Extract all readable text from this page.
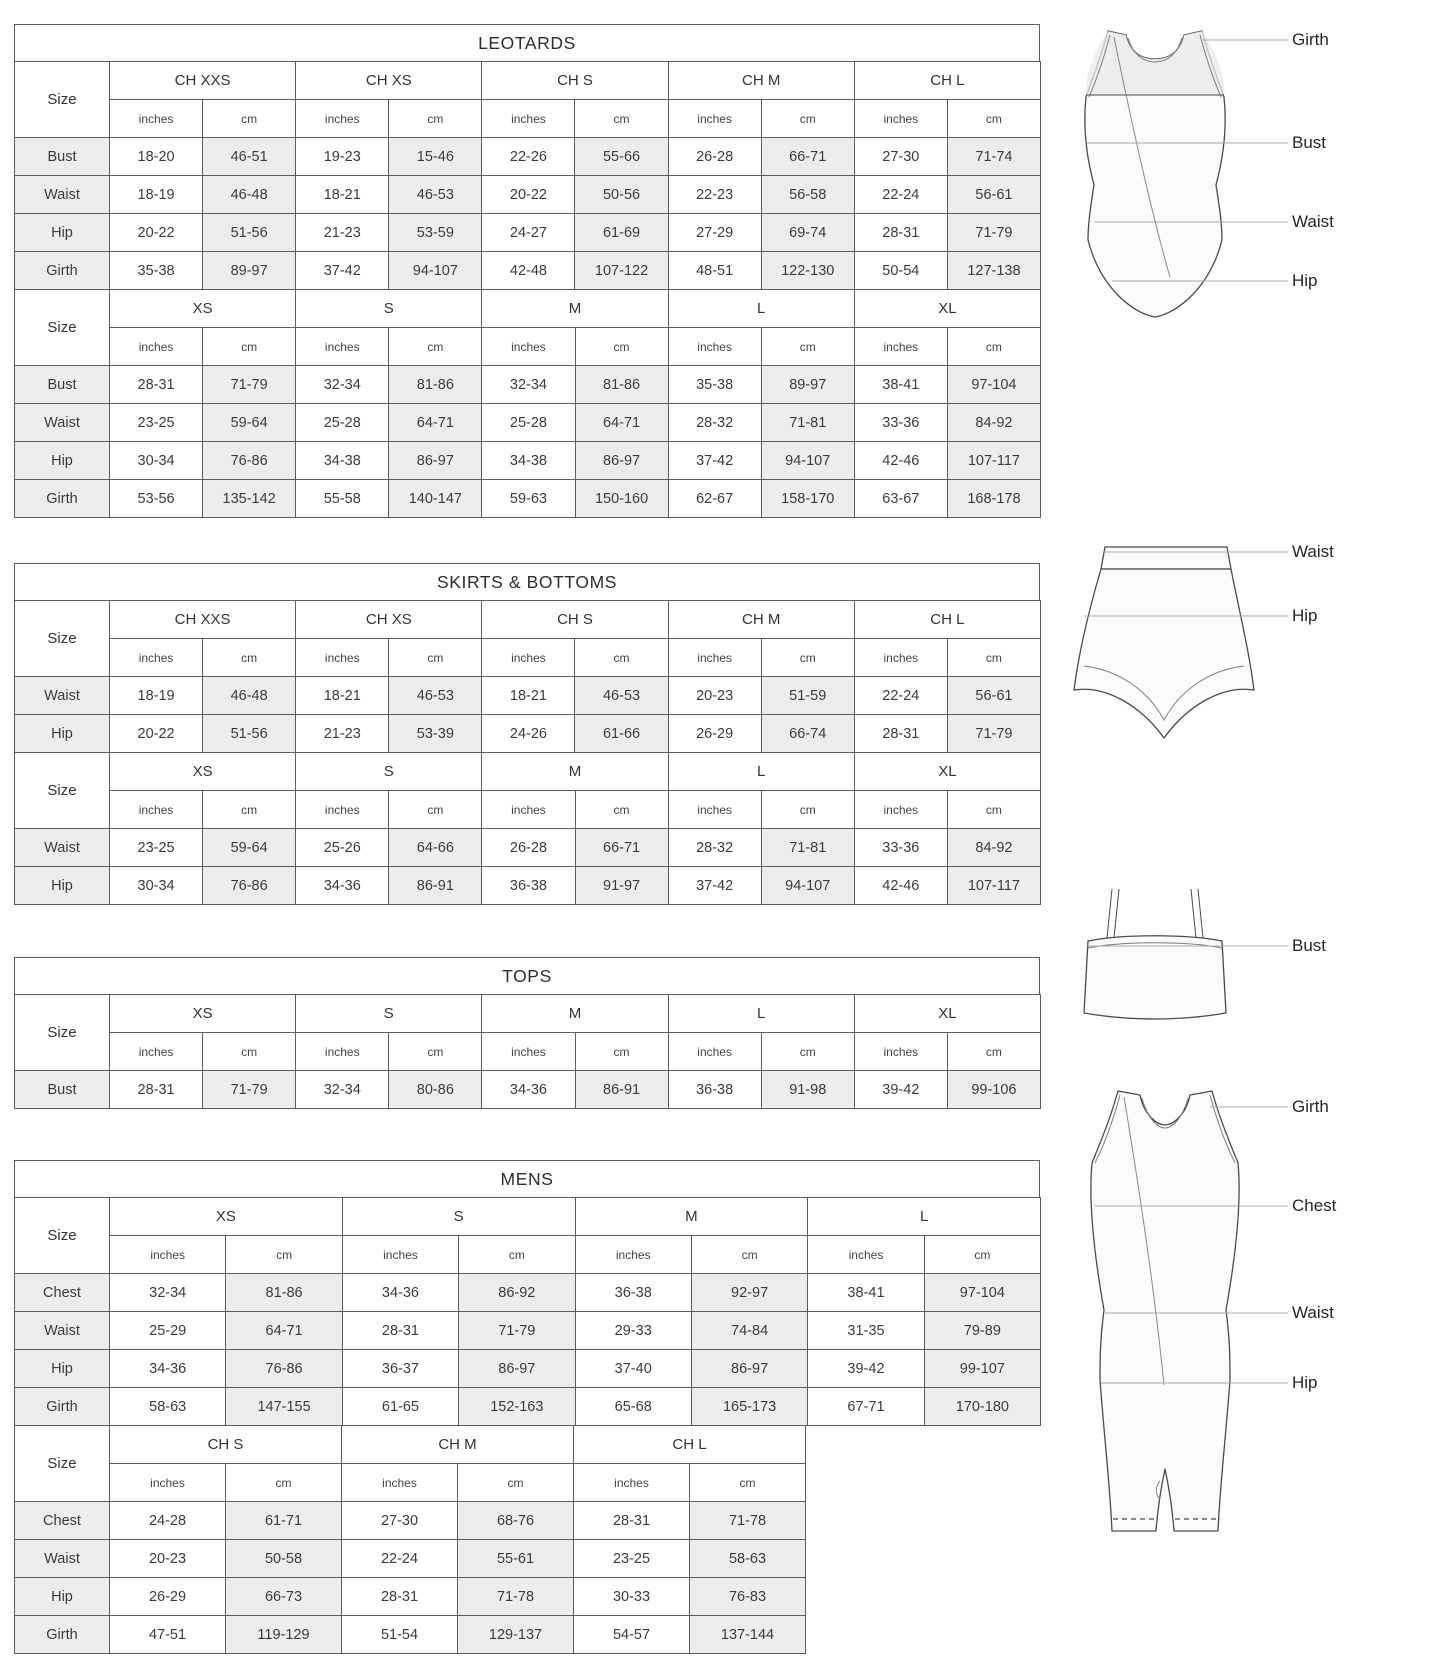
LEOTARDS
Size	CH XXS		CH XS		CH S		CH M		CH L	
	inches	cm	inches	cm	inches	cm	inches	cm	inches	cm
Bust	18-20	46-51	19-23	15-46	22-26	55-66	26-28	66-71	27-30	71-74
Waist	18-19	46-48	18-21	46-53	20-22	50-56	22-23	56-58	22-24	56-61
Hip	20-22	51-56	21-23	53-59	24-27	61-69	27-29	69-74	28-31	71-79
Girth	35-38	89-97	37-42	94-107	42-48	107-122	48-51	122-130	50-54	127-138
Size	XS		S		M		L		XL	
	inches	cm	inches	cm	inches	cm	inches	cm	inches	cm
Bust	28-31	71-79	32-34	81-86	32-34	81-86	35-38	89-97	38-41	97-104
Waist	23-25	59-64	25-28	64-71	25-28	64-71	28-32	71-81	33-36	84-92
Hip	30-34	76-86	34-38	86-97	34-38	86-97	37-42	94-107	42-46	107-117
Girth	53-56	135-142	55-58	140-147	59-63	150-160	62-67	158-170	63-67	168-178
SKIRTS & BOTTOMS
Size	CH XXS		CH XS		CH S		CH M		CH L	
	inches	cm	inches	cm	inches	cm	inches	cm	inches	cm
Waist	18-19	46-48	18-21	46-53	18-21	46-53	20-23	51-59	22-24	56-61
Hip	20-22	51-56	21-23	53-39	24-26	61-66	26-29	66-74	28-31	71-79
Size	XS		S		M		L		XL	
	inches	cm	inches	cm	inches	cm	inches	cm	inches	cm
Waist	23-25	59-64	25-26	64-66	26-28	66-71	28-32	71-81	33-36	84-92
Hip	30-34	76-86	34-36	86-91	36-38	91-97	37-42	94-107	42-46	107-117
TOPS
Size	XS		S		M		L		XL	
	inches	cm	inches	cm	inches	cm	inches	cm	inches	cm
Bust	28-31	71-79	32-34	80-86	34-36	86-91	36-38	91-98	39-42	99-106
MENS
Size	XS		S		M		L	
	inches	cm	inches	cm	inches	cm	inches	cm
Chest	32-34	81-86	34-36	86-92	36-38	92-97	38-41	97-104
Waist	25-29	64-71	28-31	71-79	29-33	74-84	31-35	79-89
Hip	34-36	76-86	36-37	86-97	37-40	86-97	39-42	99-107
Girth	58-63	147-155	61-65	152-163	65-68	165-173	67-71	170-180
Size	CH S		CH M		CH L	
	inches	cm	inches	cm	inches	cm
Chest	24-28	61-71	27-30	68-76	28-31	71-78
Waist	20-23	50-58	22-24	55-61	23-25	58-63
Hip	26-29	66-73	28-31	71-78	30-33	76-83
Girth	47-51	119-129	51-54	129-137	54-57	137-144
Girth
Bust
Waist
Hip
Waist
Hip
Bust
Girth
Chest
Waist
Hip
